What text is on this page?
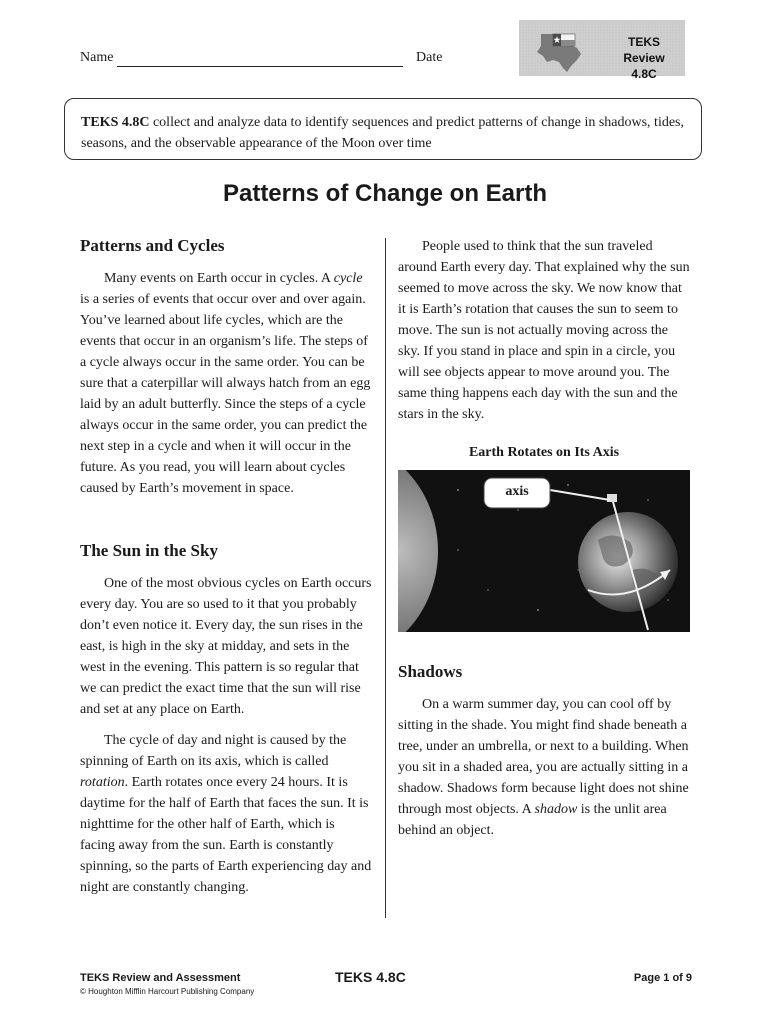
Name	Date
TEKS Review
4.8C
TEKS 4.8C collect and analyze data to identify sequences and predict patterns of change in shadows, tides, seasons, and the observable appearance of the Moon over time
Patterns of Change on Earth
Patterns and Cycles

Many events on Earth occur in cycles. A cycle is a series of events that occur over and over again. You’ve learned about life cycles, which are the events that occur in an organism’s life. The steps of a cycle always occur in the same order. You can be sure that a caterpillar will always hatch from an egg laid by an adult butterfly. Since the steps of a cycle always occur in the same order, you can predict the next step in a cycle and when it will occur in the future. As you read, you will learn about cycles caused by Earth’s movement in space.

The Sun in the Sky

One of the most obvious cycles on Earth occurs every day. You are so used to it that you probably don’t even notice it. Every day, the sun rises in the east, is high in the sky at midday, and sets in the west in the evening. This pattern is so regular that we can predict the exact time that the sun will rise and set at any place on Earth.

The cycle of day and night is caused by the spinning of Earth on its axis, which is called rotation. Earth rotates once every 24 hours. It is daytime for the half of Earth that faces the sun. It is nighttime for the other half of Earth, which is facing away from the sun. Earth is constantly spinning, so the parts of Earth experiencing day and night are constantly changing.

People used to think that the sun traveled around Earth every day. That explained why the sun seemed to move across the sky. We now know that it is Earth’s rotation that causes the sun to seem to move. The sun is not actually moving across the sky. If you stand in place and spin in a circle, you will see objects appear to move around you. The same thing happens each day with the sun and the stars in the sky.

Earth Rotates on Its Axis
axis
Shadows

On a warm summer day, you can cool off by sitting in the shade. You might find shade beneath a tree, under an umbrella, or next to a building. When you sit in a shaded area, you are actually sitting in a shadow. Shadows form because light does not shine through most objects. A shadow is the unlit area behind an object.

TEKS Review and Assessment
© Houghton Mifflin Harcourt Publishing Company
TEKS 4.8C	Page 1 of 9
